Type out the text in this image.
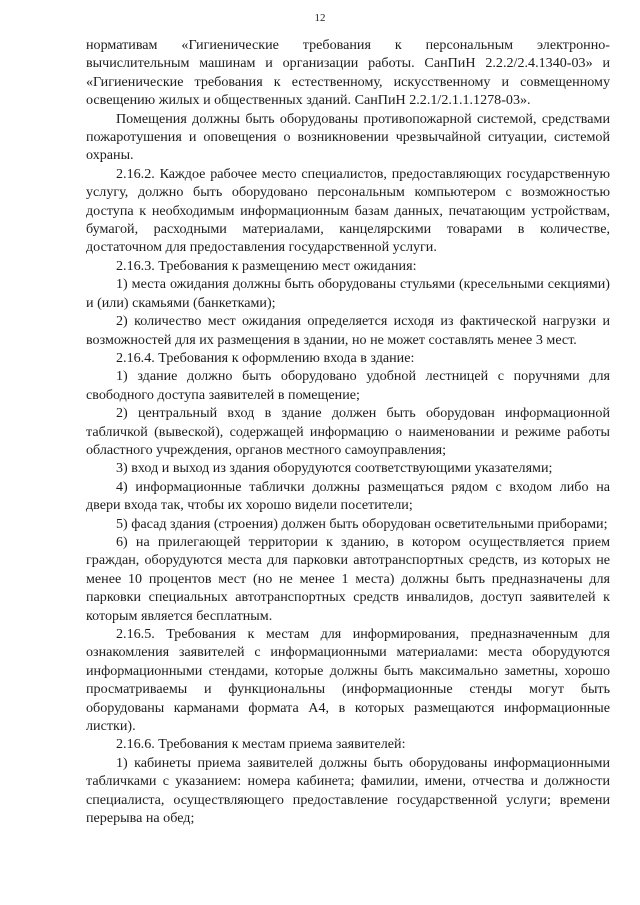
12

нормативам «Гигиенические требования к персональным электронно-вычислительным машинам и организации работы. СанПиН 2.2.2/2.4.1340-03» и «Гигиенические требования к естественному, искусственному и совмещенному освещению жилых и общественных зданий. СанПиН 2.2.1/2.1.1.1278-03».

Помещения должны быть оборудованы противопожарной системой, средствами пожаротушения и оповещения о возникновении чрезвычайной ситуации, системой охраны.

2.16.2. Каждое рабочее место специалистов, предоставляющих государственную услугу, должно быть оборудовано персональным компьютером с возможностью доступа к необходимым информационным базам данных, печатающим устройствам, бумагой, расходными материалами, канцелярскими товарами в количестве, достаточном для предоставления государственной услуги.

2.16.3. Требования к размещению мест ожидания:

1) места ожидания должны быть оборудованы стульями (кресельными секциями) и (или) скамьями (банкетками);

2) количество мест ожидания определяется исходя из фактической нагрузки и возможностей для их размещения в здании, но не может составлять менее 3 мест.

2.16.4. Требования к оформлению входа в здание:

1) здание должно быть оборудовано удобной лестницей с поручнями для свободного доступа заявителей в помещение;

2) центральный вход в здание должен быть оборудован информационной табличкой (вывеской), содержащей информацию о наименовании и режиме работы областного учреждения, органов местного самоуправления;

3) вход и выход из здания оборудуются соответствующими указателями;

4) информационные таблички должны размещаться рядом с входом либо на двери входа так, чтобы их хорошо видели посетители;

5) фасад здания (строения) должен быть оборудован осветительными приборами;

6) на прилегающей территории к зданию, в котором осуществляется прием граждан, оборудуются места для парковки автотранспортных средств, из которых не менее 10 процентов мест (но не менее 1 места) должны быть предназначены для парковки специальных автотранспортных средств инвалидов, доступ заявителей к которым является бесплатным.

2.16.5. Требования к местам для информирования, предназначенным для ознакомления заявителей с информационными материалами: места оборудуются информационными стендами, которые должны быть максимально заметны, хорошо просматриваемы и функциональны (информационные стенды могут быть оборудованы карманами формата А4, в которых размещаются информационные листки).

2.16.6. Требования к местам приема заявителей:

1) кабинеты приема заявителей должны быть оборудованы информационными табличками с указанием: номера кабинета; фамилии, имени, отчества и должности специалиста, осуществляющего предоставление государственной услуги; времени перерыва на обед;
